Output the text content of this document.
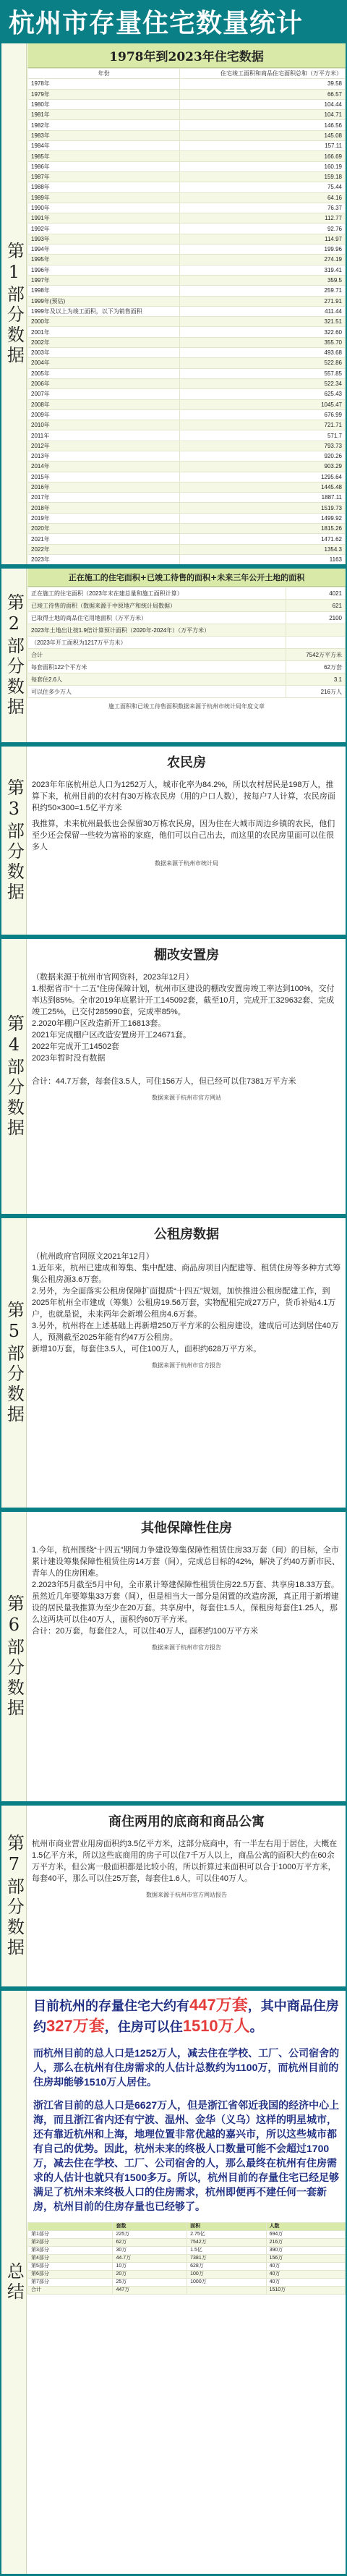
杭州市存量住宅数量统计
第1部分数据
1978年到2023年住宅数据
年份	住宅竣工面积和商品住宅面积总和（万平方米）
1978年	39.58
1979年	66.57
1980年	104.44
1981年	104.71
1982年	146.56
1983年	145.08
1984年	157.11
1985年	166.69
1986年	160.19
1987年	159.18
1988年	75.44
1989年	64.16
1990年	76.37
1991年	112.77
1992年	92.76
1993年	114.97
1994年	199.96
1995年	274.19
1996年	319.41
1997年	359.5
1998年	259.71
1999年(预估)	271.91
1999年及以上为竣工面积，以下为销售面积	411.44
2000年	321.51
2001年	322.60
2002年	355.70
2003年	493.68
2004年	522.86
2005年	557.85
2006年	522.34
2007年	625.43
2008年	1045.47
2009年	676.99
2010年	721.71
2011年	571.7
2012年	793.73
2013年	920.26
2014年	903.29
2015年	1295.64
2016年	1445.48
2017年	1887.11
2018年	1519.73
2019年	1499.92
2020年	1815.26
2021年	1471.62
2022年	1354.3
2023年	1163

第2部分数据
正在施工的住宅面积+已竣工待售的面积+未来三年公开土地的面积
正在施工的住宅面积（2023年末在建总量和施工面积计算）	4021
已竣工待售的面积（数据来源于中原地产和统计局数据）	621
已取得土地的商品住宅用地面积（万平方米）	2100
2023年土地出让按1.9倍计算预计面积（2020年-2024年）（万平方米）	
（2023年开工面积为1217万平方米）	
合计	7542万平方米
每套面积122个平方米	62万套
每套住2.6人	3.1
可以住多少万人	216万人
施工面积和已竣工待售面积数据来源于杭州市统计局年度文章
第3部分数据
农民房
2023年年底杭州总人口为1252万人，城市化率为84.2%，所以农村居民是198万人，推算下来，杭州目前的农村有30万栋农民房（用的户口人数），按每户7人计算，农民房面积约50×300=1.5亿平方米
我推算，未来杭州最低也会保留30万栋农民房，因为住在大城市周边乡镇的农民，他们至少还会保留一些较为富裕的家庭，他们可以自己出去，而这里的农民房里面可以住很多人
数据来源于杭州市统计局
第4部分数据
棚改安置房
（数据来源于杭州市官网资料，2023年12月）
1.根据省市“十二五”住房保障计划，杭州市区建设的棚改安置房竣工率达到100%，交付率达到85%。全市2019年底累计开工145092套，截至10月，完成开工329632套、完成竣工25%，已交付285990套，完成率85%。
2.2020年棚户区改造新开工16813套。
2021年完成棚户区改造安置房开工24671套。
2022年完成开工14502套
2023年暂时没有数据

合计：44.7万套，每套住3.5人，可住156万人，但已经可以住7381万平方米
数据来源于杭州市官方网站
第5部分数据
公租房数据
（杭州政府官网原文2021年12月）
1.近年来，杭州已建成和筹集、集中配建、商品房项目内配建等、租赁住房等多种方式筹集公租房源3.6万套。
2.另外，为全面落实公租房保障扩面提质“十四五”规划，加快推进公租房配建工作，到2025年杭州全市建成（筹集）公租房19.56万套，实物配租完成27万户，货币补贴4.1万户，也就是说，未来两年会新增公租房4.6万套。
3.另外，杭州将在上述基础上再新增250万平方米的公租房建设，建成后可达到居住40万人，预测截至2025年能有约47万公租房。
新增10万套，每套住3.5人，可住100万人，面积约628万平方米。
数据来源于杭州市官方报告
第6部分数据
其他保障性住房
1.今年，杭州围绕“十四五”期间力争建设筹集保障性租赁住房33万套（间）的目标，全市累计建设筹集保障性租赁住房14万套（间），完成总目标的42%，解决了约40万新市民、青年人的住房困难。
2.2023年5月截至5月中旬，全市累计筹建保障性租赁住房22.5万套、共享房18.33万套。
虽然近几年要筹集33万套（间），但是相当大一部分是闲置的改造房源，真正用于新增建设的居民量我推算为至少在20万套。共享房中，每套住1.5人，保租房每套住1.25人，那么这两块可以住40万人，面积约60万平方米。
合计：20万套，每套住2人，可以住40万人，面积约100万平方米
数据来源于杭州市官方报告
第7部分数据
商住两用的底商和商品公寓
杭州市商业营业用房面积约3.5亿平方米，这部分底商中，有一半左右用于居住，大概在1.5亿平方米，所以这些底商用的房子可以住7千万人以上，商品公寓的面积大约在60余万平方米，但公寓一般面积都是比较小的，所以折算过来面积可以合于1000万平方米，每套40平，那么可以住25万套，每套住1.6人，可以住40万人。
数据来源于杭州市官方网站报告
总结
目前杭州的存量住宅大约有447万套，其中商品住房约327万套，住房可以住1510万人。
而杭州目前的总人口是1252万人，减去住在学校、工厂、公司宿舍的人，那么在杭州有住房需求的人估计总数约为1100万，而杭州目前的住房却能够1510万人居住。
浙江省目前的总人口是6627万人，但是浙江省邻近我国的经济中心上海，而且浙江省内还有宁波、温州、金华（义乌）这样的明星城市，还有靠近杭州和上海，地理位置非常优越的嘉兴市，所以这些城市都有自己的优势。因此，杭州未来的终极人口数量可能不会超过1700万，减去住在学校、工厂、公司宿舍的人，那么最终在杭州有住房需求的人估计也就只有1500多万。所以，杭州目前的存量住宅已经足够满足了杭州未来终极人口的住房需求，杭州即便再不建任何一套新房，杭州目前的住房存量也已经够了。
	套数	面积	人数
第1部分	225万	2.75亿	694万
第2部分	62万	7542万	216万
第3部分	30万	1.5亿	390万
第4部分	44.7万	7381万	156万
第5部分	10万	628万	40万
第6部分	20万	100万	40万
第7部分	25万	1000万	40万
合计	447万		1510万
